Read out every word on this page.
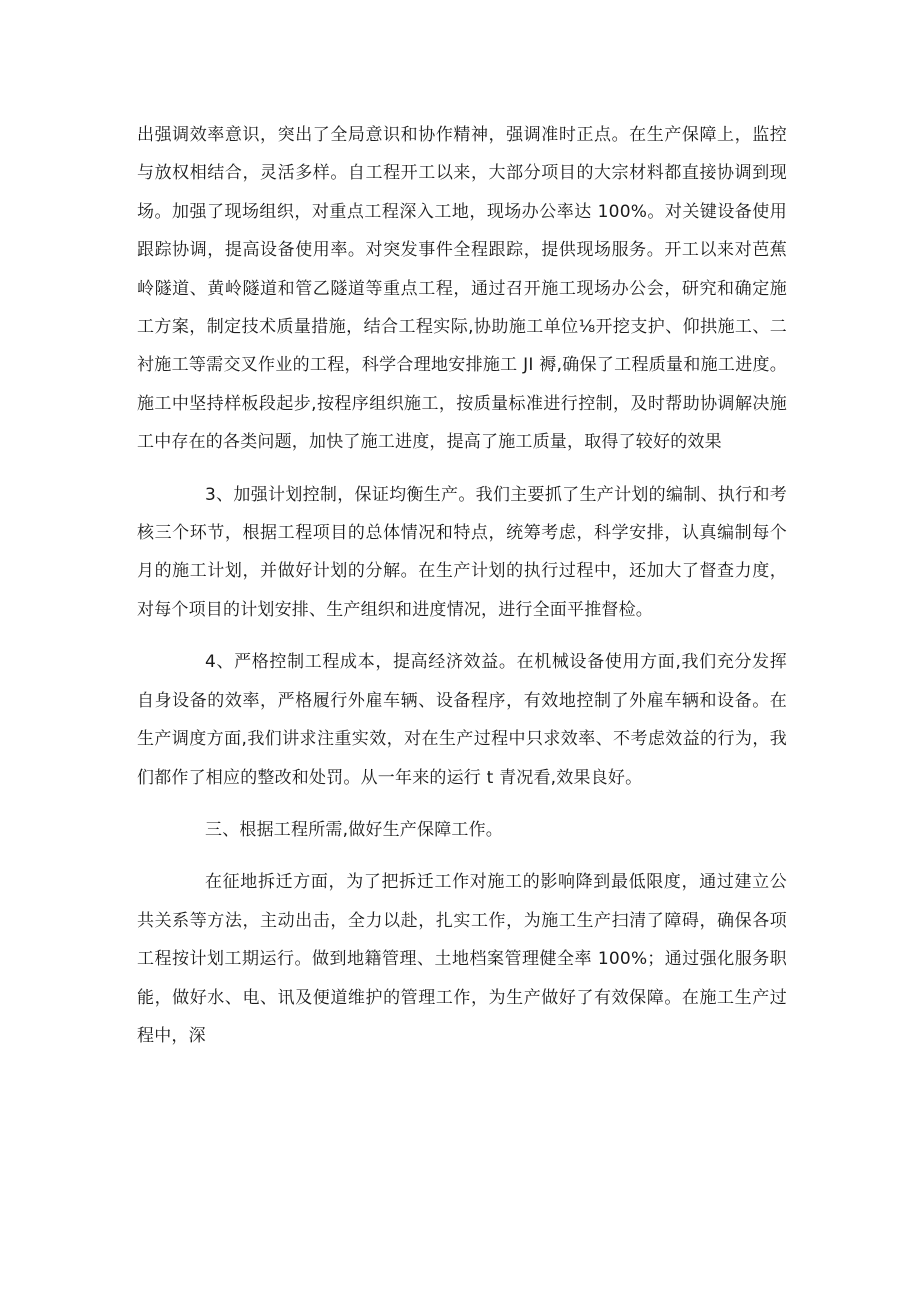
出强调效率意识，突出了全局意识和协作精神，强调准时正点。在生产保障上，监控与放权相结合，灵活多样。自工程开工以来，大部分项目的大宗材料都直接协调到现场。加强了现场组织，对重点工程深入工地，现场办公率达 100%。对关键设备使用跟踪协调，提高设备使用率。对突发事件全程跟踪，提供现场服务。开工以来对芭蕉岭隧道、黄岭隧道和管乙隧道等重点工程，通过召开施工现场办公会，研究和确定施工方案，制定技术质量措施，结合工程实际,协助施工单位⅛开挖支护、仰拱施工、二衬施工等需交叉作业的工程，科学合理地安排施工 JI 褥,确保了工程质量和施工进度。施工中坚持样板段起步,按程序组织施工，按质量标准进行控制，及时帮助协调解决施工中存在的各类问题，加快了施工进度，提高了施工质量，取得了较好的效果

3、加强计划控制，保证均衡生产。我们主要抓了生产计划的编制、执行和考核三个环节，根据工程项目的总体情况和特点，统筹考虑，科学安排，认真编制每个月的施工计划，并做好计划的分解。在生产计划的执行过程中，还加大了督查力度，对每个项目的计划安排、生产组织和进度情况，进行全面平推督检。

4、严格控制工程成本，提高经济效益。在机械设备使用方面,我们充分发挥自身设备的效率，严格履行外雇车辆、设备程序，有效地控制了外雇车辆和设备。在生产调度方面,我们讲求注重实效，对在生产过程中只求效率、不考虑效益的行为，我们都作了相应的整改和处罚。从一年来的运行 t 青况看,效果良好。

三、根据工程所需,做好生产保障工作。

在征地拆迁方面，为了把拆迁工作对施工的影响降到最低限度，通过建立公共关系等方法，主动出击，全力以赴，扎实工作，为施工生产扫清了障碍，确保各项工程按计划工期运行。做到地籍管理、土地档案管理健全率 100%；通过强化服务职能，做好水、电、讯及便道维护的管理工作，为生产做好了有效保障。在施工生产过程中，深
